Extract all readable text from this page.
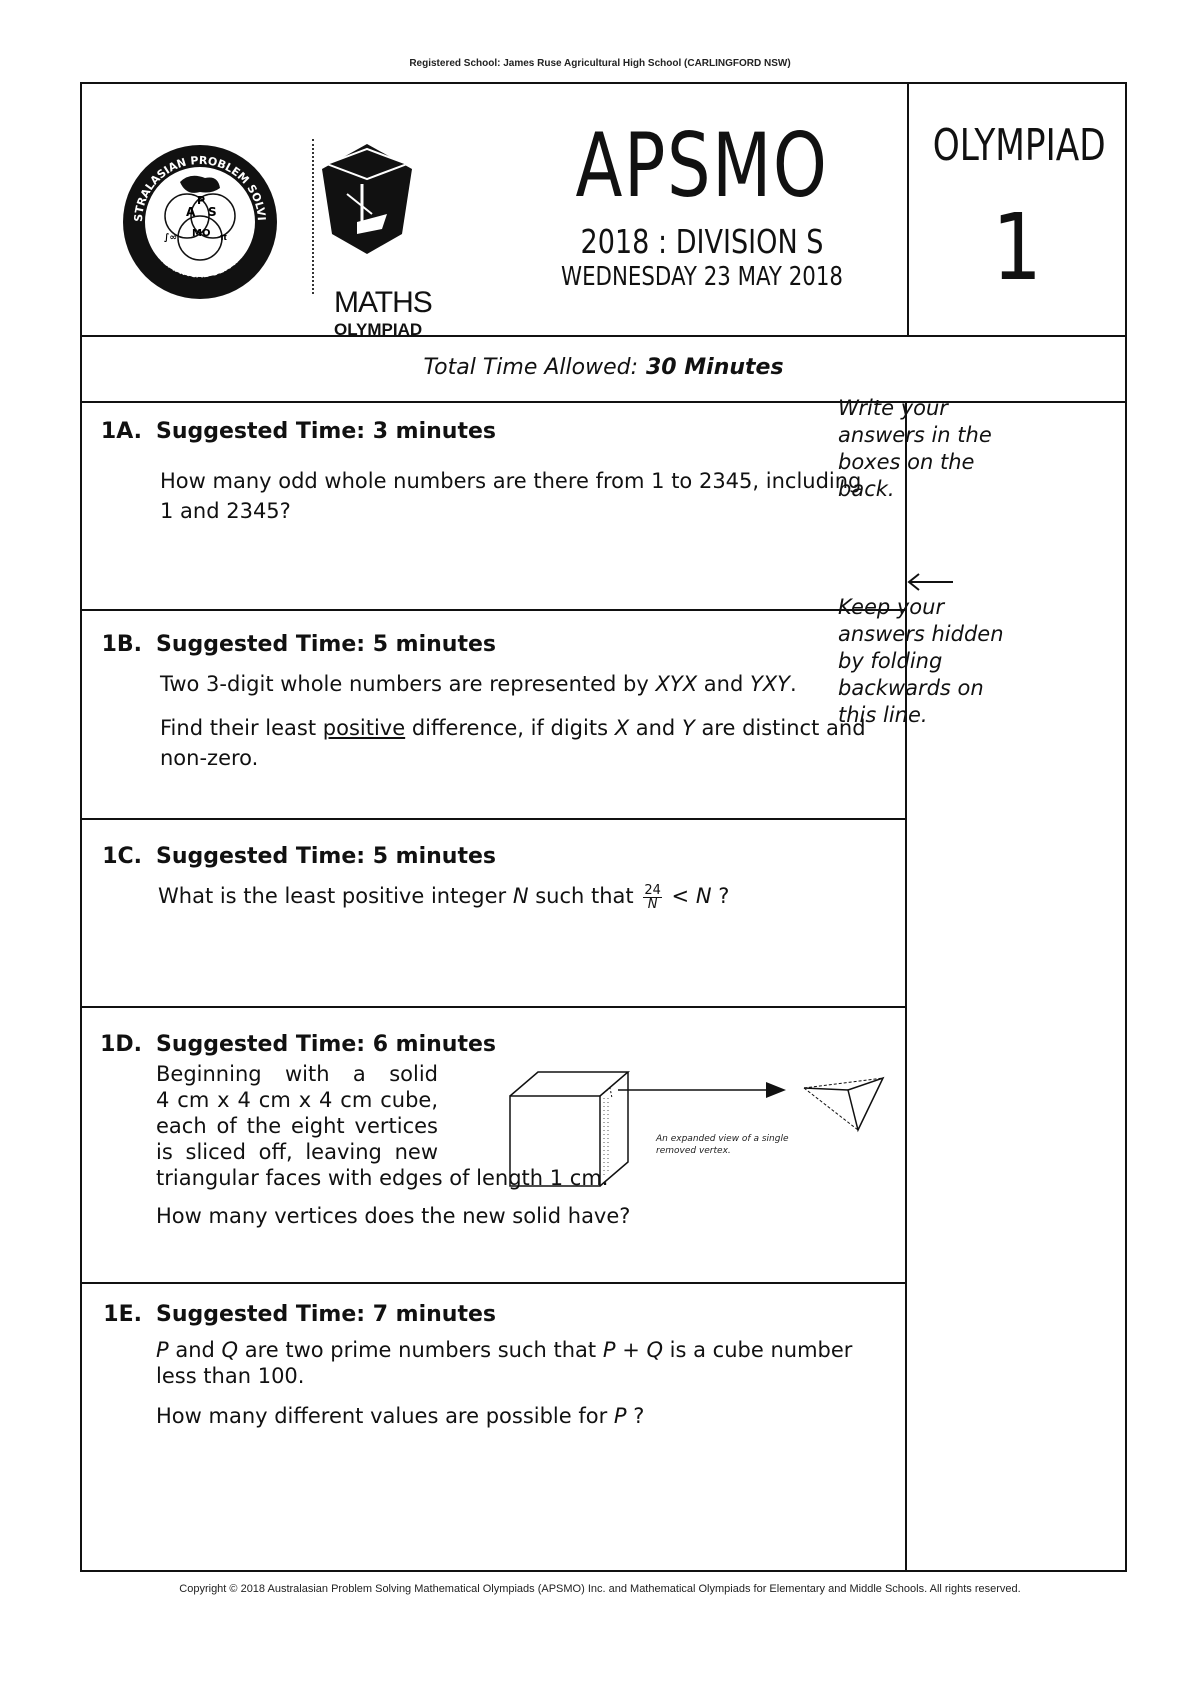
Registered School: James Ruse Agricultural High School (CARLINGFORD NSW)
STRALASIAN PROBLEM SOLVI
MATHEMATICAL OLYMPIADS
A S
P
MO
∫∞	π
MATHS
OLYMPIAD
APSMO
2018 : DIVISION S
WEDNESDAY 23 MAY 2018
OLYMPIAD
1
Total Time Allowed: 30 Minutes
1A. Suggested Time: 3 minutes

How many odd whole numbers are there from 1 to 2345, including 1 and 2345?

1B. Suggested Time: 5 minutes

Two 3-digit whole numbers are represented by XYX and YXY.

Find their least positive difference, if digits X and Y are distinct and non-zero.

1C. Suggested Time: 5 minutes

What is the least positive integer N such that $\frac{24}{N} < N$ ?

1D. Suggested Time: 6 minutes
Beginning with a solid
4 cm x 4 cm x 4 cm cube,
each of the eight vertices
is sliced off, leaving new
triangular faces with edges of length 1 cm.
How many vertices does the new solid have?
1E. Suggested Time: 7 minutes

P and Q are two prime numbers such that P + Q is a cube number less than 100.

How many different values are possible for P ?

Write your answers in the boxes on the back.
Keep your answers hidden by folding backwards on this line.
An expanded view of a single removed vertex.
Copyright © 2018 Australasian Problem Solving Mathematical Olympiads (APSMO) Inc. and Mathematical Olympiads for Elementary and Middle Schools. All rights reserved.
